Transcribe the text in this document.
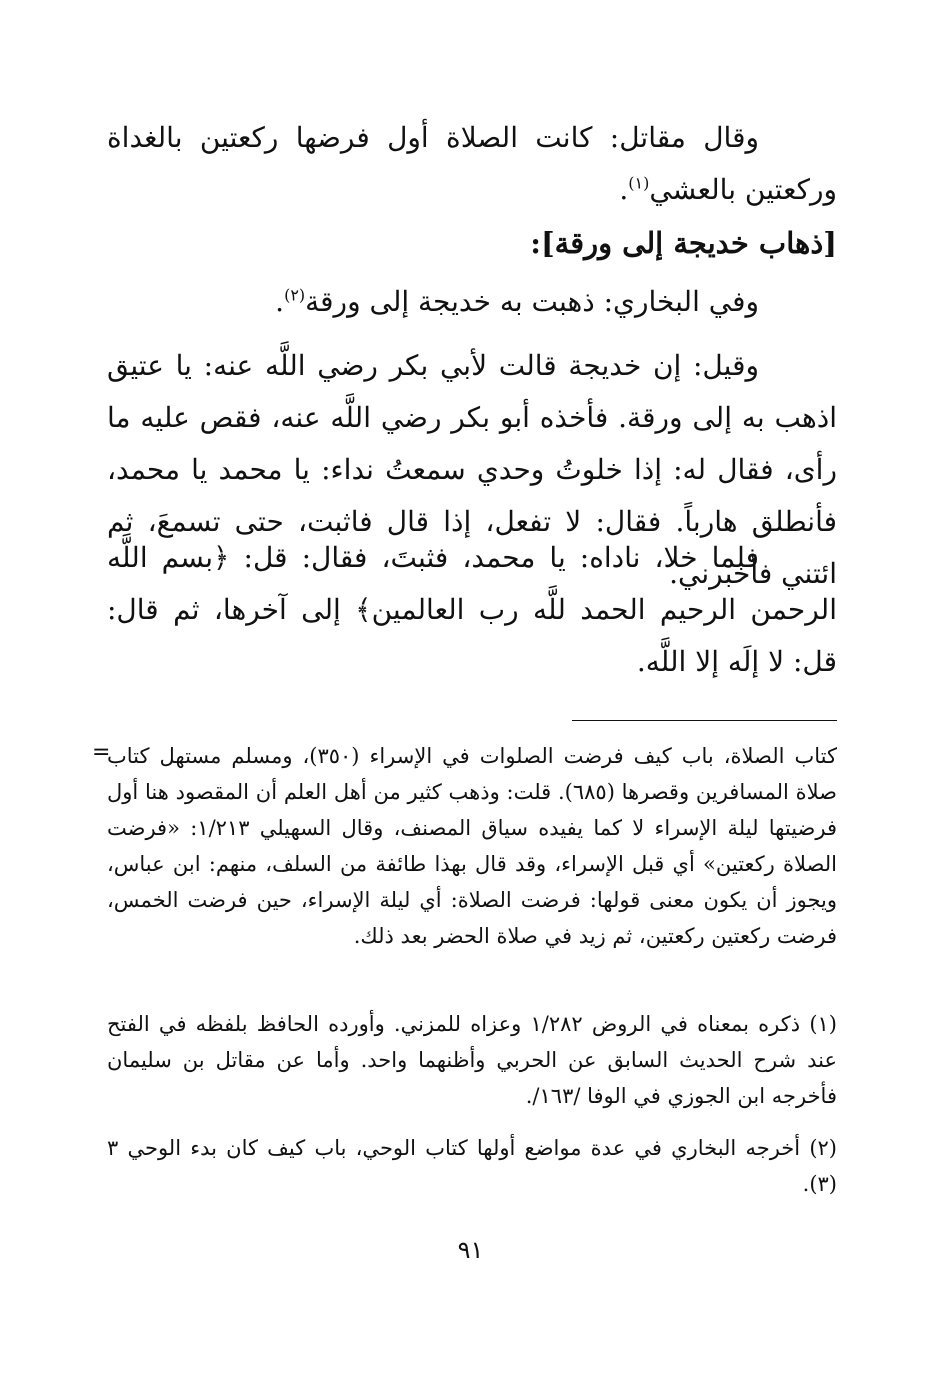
وقال مقاتل: كانت الصلاة أول فرضها ركعتين بالغداة وركعتين بالعشي$^{(١)}$.

[ذهاب خديجة إلى ورقة]:

وفي البخاري: ذهبت به خديجة إلى ورقة$^{(٢)}$.

وقيل: إن خديجة قالت لأبي بكر رضي اللَّه عنه: يا عتيق اذهب به إلى ورقة. فأخذه أبو بكر رضي اللَّه عنه، فقص عليه ما رأى، فقال له: إذا خلوتُ وحدي سمعتُ نداء: يا محمد يا محمد، فأنطلق هارباً. فقال: لا تفعل، إذا قال فاثبت، حتى تسمعَ، ثم ائتني فأخبرني.

فلما خلا، ناداه: يا محمد، فثبتَ، فقال: قل: ﴿بسم اللَّه الرحمن الرحيم الحمد للَّه رب العالمين﴾ إلى آخرها، ثم قال: قل: لا إلَه إلا اللَّه.

=

كتاب الصلاة، باب كيف فرضت الصلوات في الإسراء (٣٥٠)، ومسلم مستهل كتاب صلاة المسافرين وقصرها (٦٨٥). قلت: وذهب كثير من أهل العلم أن المقصود هنا أول فرضيتها ليلة الإسراء لا كما يفيده سياق المصنف، وقال السهيلي ١/٢١٣: «فرضت الصلاة ركعتين» أي قبل الإسراء، وقد قال بهذا طائفة من السلف، منهم: ابن عباس، ويجوز أن يكون معنى قولها: فرضت الصلاة: أي ليلة الإسراء، حين فرضت الخمس، فرضت ركعتين ركعتين، ثم زيد في صلاة الحضر بعد ذلك.

(١) ذكره بمعناه في الروض ١/٢٨٢ وعزاه للمزني. وأورده الحافظ بلفظه في الفتح عند شرح الحديث السابق عن الحربي وأظنهما واحد. وأما عن مقاتل بن سليمان فأخرجه ابن الجوزي في الوفا /١٦٣/.

(٢) أخرجه البخاري في عدة مواضع أولها كتاب الوحي، باب كيف كان بدء الوحي ٣ (٣).

٩١
